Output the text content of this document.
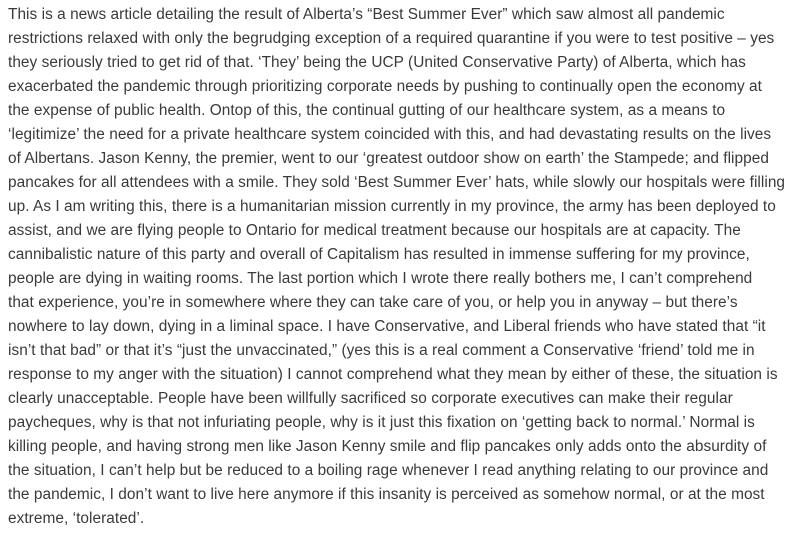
This is a news article detailing the result of Alberta’s “Best Summer Ever” which saw almost all pandemic
restrictions relaxed with only the begrudging exception of a required quarantine if you were to test positive – yes
they seriously tried to get rid of that. ‘They’ being the UCP (United Conservative Party) of Alberta, which has
exacerbated the pandemic through prioritizing corporate needs by pushing to continually open the economy at
the expense of public health. Ontop of this, the continual gutting of our healthcare system, as a means to
‘legitimize’ the need for a private healthcare system coincided with this, and had devastating results on the lives
of Albertans. Jason Kenny, the premier, went to our ‘greatest outdoor show on earth’ the Stampede; and flipped
pancakes for all attendees with a smile. They sold ‘Best Summer Ever’ hats, while slowly our hospitals were filling
up. As I am writing this, there is a humanitarian mission currently in my province, the army has been deployed to
assist, and we are flying people to Ontario for medical treatment because our hospitals are at capacity. The
cannibalistic nature of this party and overall of Capitalism has resulted in immense suffering for my province,
people are dying in waiting rooms. The last portion which I wrote there really bothers me, I can’t comprehend
that experience, you’re in somewhere where they can take care of you, or help you in anyway – but there’s
nowhere to lay down, dying in a liminal space. I have Conservative, and Liberal friends who have stated that “it
isn’t that bad” or that it’s “just the unvaccinated,” (yes this is a real comment a Conservative ‘friend’ told me in
response to my anger with the situation) I cannot comprehend what they mean by either of these, the situation is
clearly unacceptable. People have been willfully sacrificed so corporate executives can make their regular
paycheques, why is that not infuriating people, why is it just this fixation on ‘getting back to normal.’ Normal is
killing people, and having strong men like Jason Kenny smile and flip pancakes only adds onto the absurdity of
the situation, I can’t help but be reduced to a boiling rage whenever I read anything relating to our province and
the pandemic, I don’t want to live here anymore if this insanity is perceived as somehow normal, or at the most
extreme, ‘tolerated’.
